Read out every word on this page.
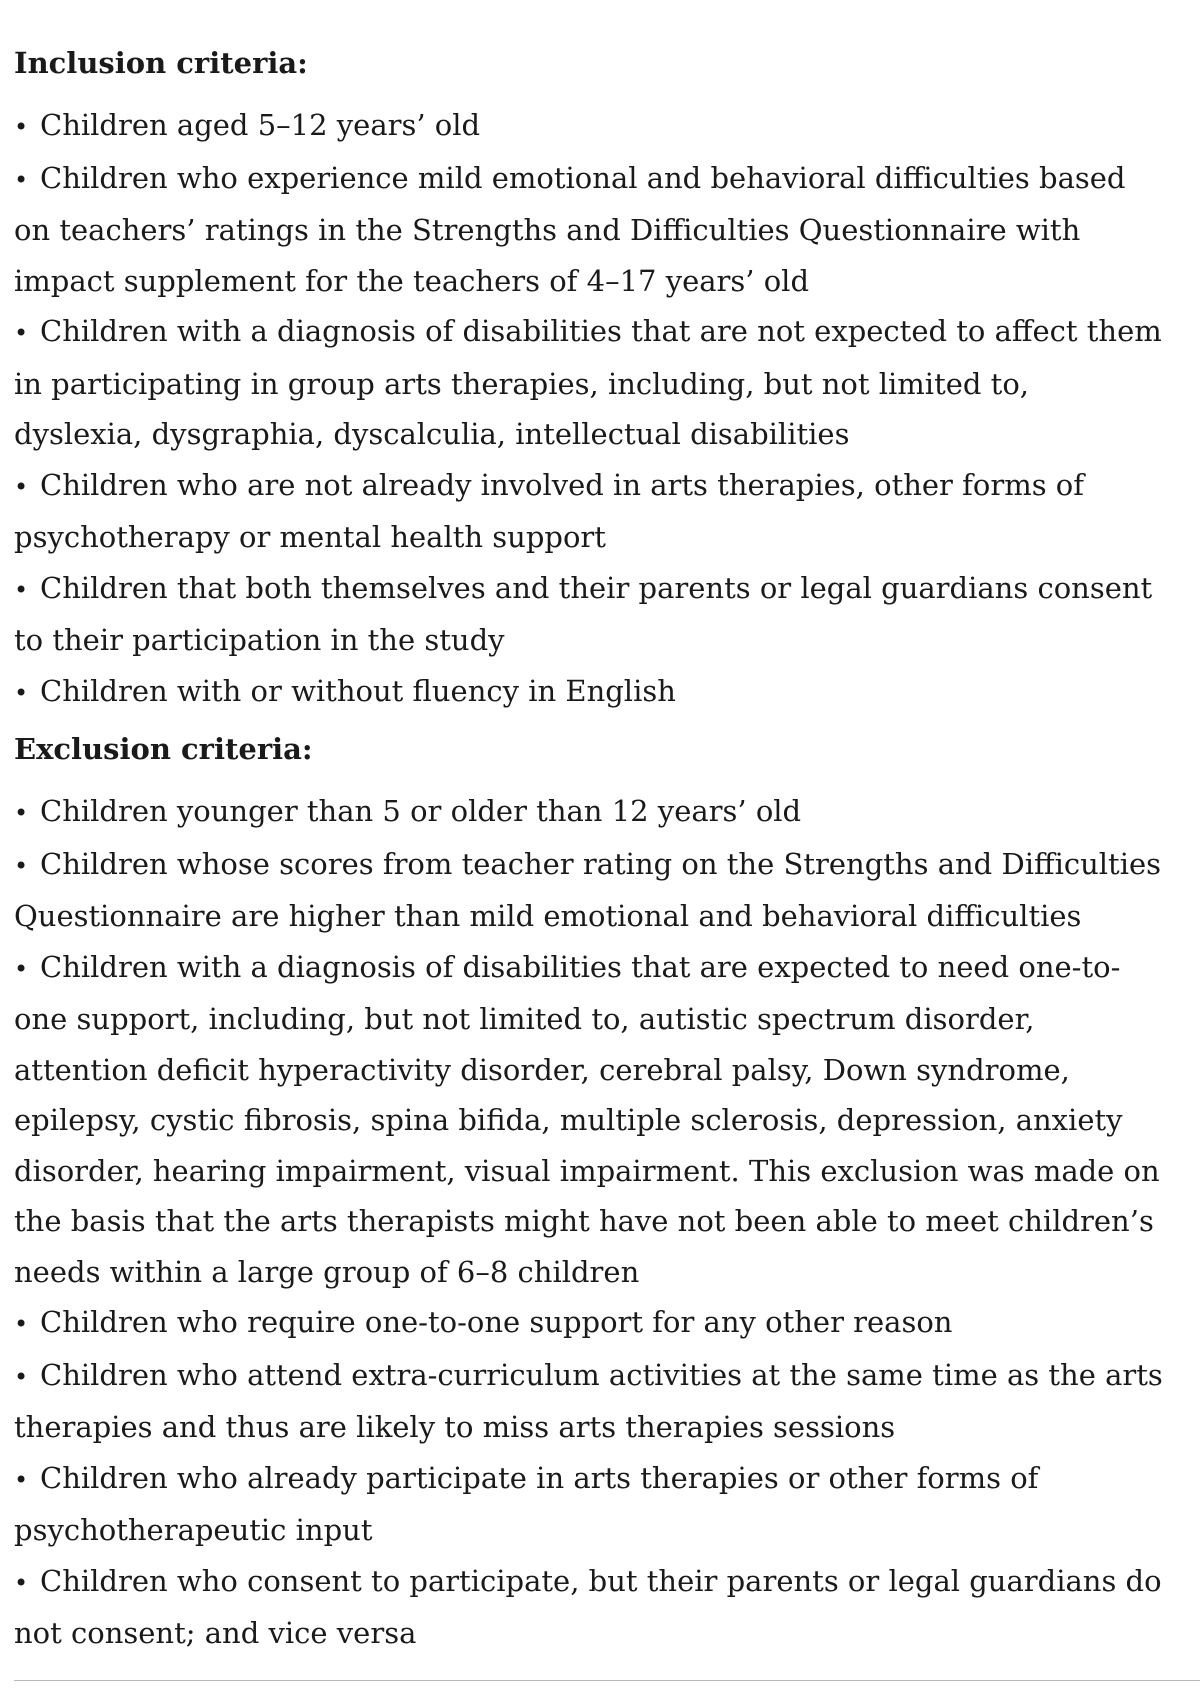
Inclusion criteria:
• Children aged 5–12 years’ old
• Children who experience mild emotional and behavioral difficulties based on teachers’ ratings in the Strengths and Difficulties Questionnaire with impact supplement for the teachers of 4–17 years’ old
• Children with a diagnosis of disabilities that are not expected to affect them in participating in group arts therapies, including, but not limited to, dyslexia, dysgraphia, dyscalculia, intellectual disabilities
• Children who are not already involved in arts therapies, other forms of psychotherapy or mental health support
• Children that both themselves and their parents or legal guardians consent to their participation in the study
• Children with or without fluency in English
Exclusion criteria:
• Children younger than 5 or older than 12 years’ old
• Children whose scores from teacher rating on the Strengths and Difficulties Questionnaire are higher than mild emotional and behavioral difficulties
• Children with a diagnosis of disabilities that are expected to need one-to-one support, including, but not limited to, autistic spectrum disorder, attention deficit hyperactivity disorder, cerebral palsy, Down syndrome, epilepsy, cystic fibrosis, spina bifida, multiple sclerosis, depression, anxiety disorder, hearing impairment, visual impairment. This exclusion was made on the basis that the arts therapists might have not been able to meet children’s needs within a large group of 6–8 children
• Children who require one-to-one support for any other reason
• Children who attend extra-curriculum activities at the same time as the arts therapies and thus are likely to miss arts therapies sessions
• Children who already participate in arts therapies or other forms of psychotherapeutic input
• Children who consent to participate, but their parents or legal guardians do not consent; and vice versa
